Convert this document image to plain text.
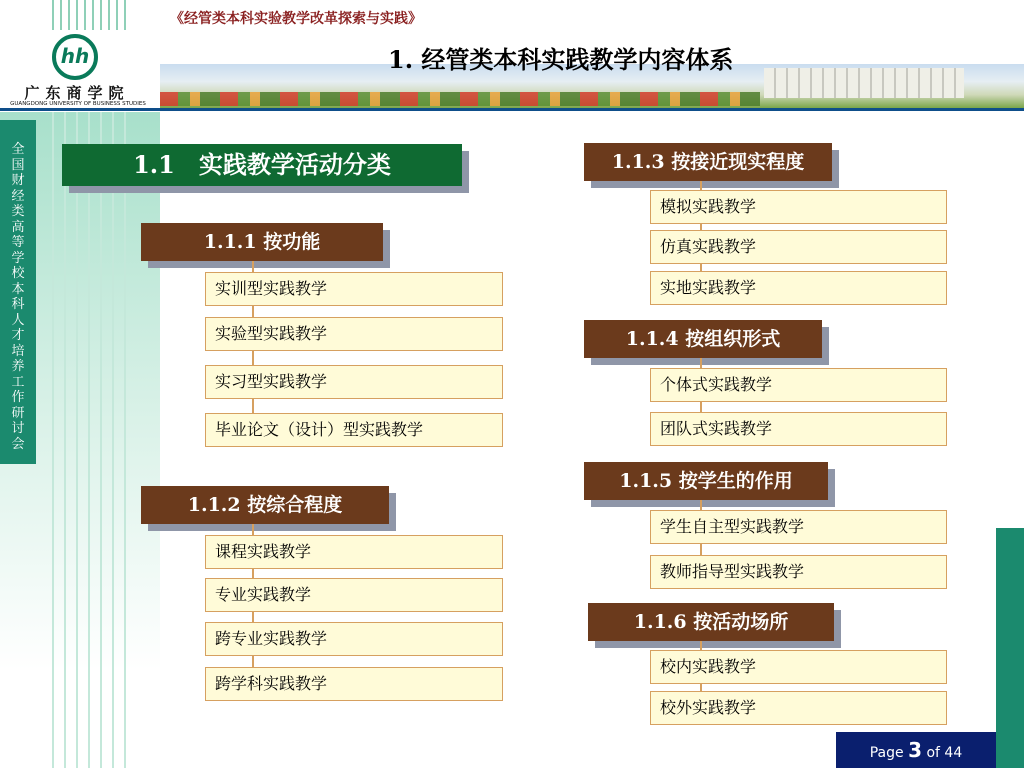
hh
广东商学院
GUANGDONG UNIVERSITY OF BUSINESS STUDIES
《经管类本科实验教学改革探索与实践》
1. 经管类本科实践教学内容体系
全国财经类高等学校本科人才培养工作研讨会
1.1　实践教学活动分类
1.1.1 按功能
实训型实践教学
实验型实践教学
实习型实践教学
毕业论文（设计）型实践教学
1.1.2 按综合程度
课程实践教学
专业实践教学
跨专业实践教学
跨学科实践教学
1.1.3 按接近现实程度
模拟实践教学
仿真实践教学
实地实践教学
1.1.4 按组织形式
个体式实践教学
团队式实践教学
1.1.5 按学生的作用
学生自主型实践教学
教师指导型实践教学
1.1.6 按活动场所
校内实践教学
校外实践教学
Page 3 of 44
